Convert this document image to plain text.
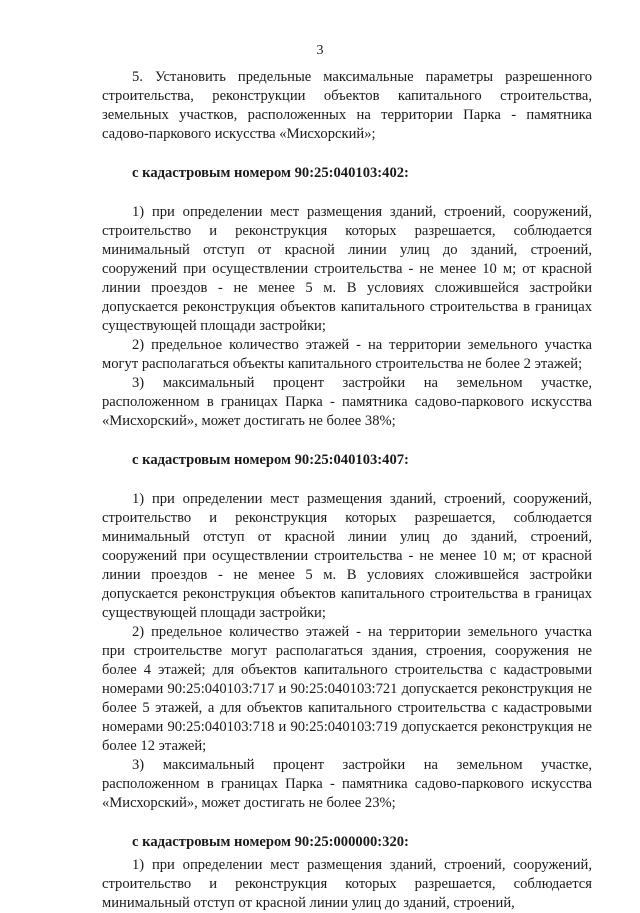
3

5. Установить предельные максимальные параметры разрешенного строительства, реконструкции объектов капитального строительства, земельных участков, расположенных на территории Парка - памятника садово-паркового искусства «Мисхорский»;

с кадастровым номером 90:25:040103:402:

1) при определении мест размещения зданий, строений, сооружений, строительство и реконструкция которых разрешается, соблюдается минимальный отступ от красной линии улиц до зданий, строений, сооружений при осуществлении строительства - не менее 10 м; от красной линии проездов - не менее 5 м. В условиях сложившейся застройки допускается реконструкция объектов капитального строительства в границах существующей площади застройки;

2) предельное количество этажей - на территории земельного участка могут располагаться объекты капитального строительства не более 2 этажей;

3) максимальный процент застройки на земельном участке, расположенном в границах Парка - памятника садово-паркового искусства «Мисхорский», может достигать не более 38%;

с кадастровым номером 90:25:040103:407:

1) при определении мест размещения зданий, строений, сооружений, строительство и реконструкция которых разрешается, соблюдается минимальный отступ от красной линии улиц до зданий, строений, сооружений при осуществлении строительства - не менее 10 м; от красной линии проездов - не менее 5 м. В условиях сложившейся застройки допускается реконструкция объектов капитального строительства в границах существующей площади застройки;

2) предельное количество этажей - на территории земельного участка при строительстве могут располагаться здания, строения, сооружения не более 4 этажей; для объектов капитального строительства с кадастровыми номерами 90:25:040103:717 и 90:25:040103:721 допускается реконструкция не более 5 этажей, а для объектов капитального строительства с кадастровыми номерами 90:25:040103:718 и 90:25:040103:719 допускается реконструкция не более 12 этажей;

3) максимальный процент застройки на земельном участке, расположенном в границах Парка - памятника садово-паркового искусства «Мисхорский», может достигать не более 23%;

с кадастровым номером 90:25:000000:320:

1) при определении мест размещения зданий, строений, сооружений, строительство и реконструкция которых разрешается, соблюдается минимальный отступ от красной линии улиц до зданий, строений,
